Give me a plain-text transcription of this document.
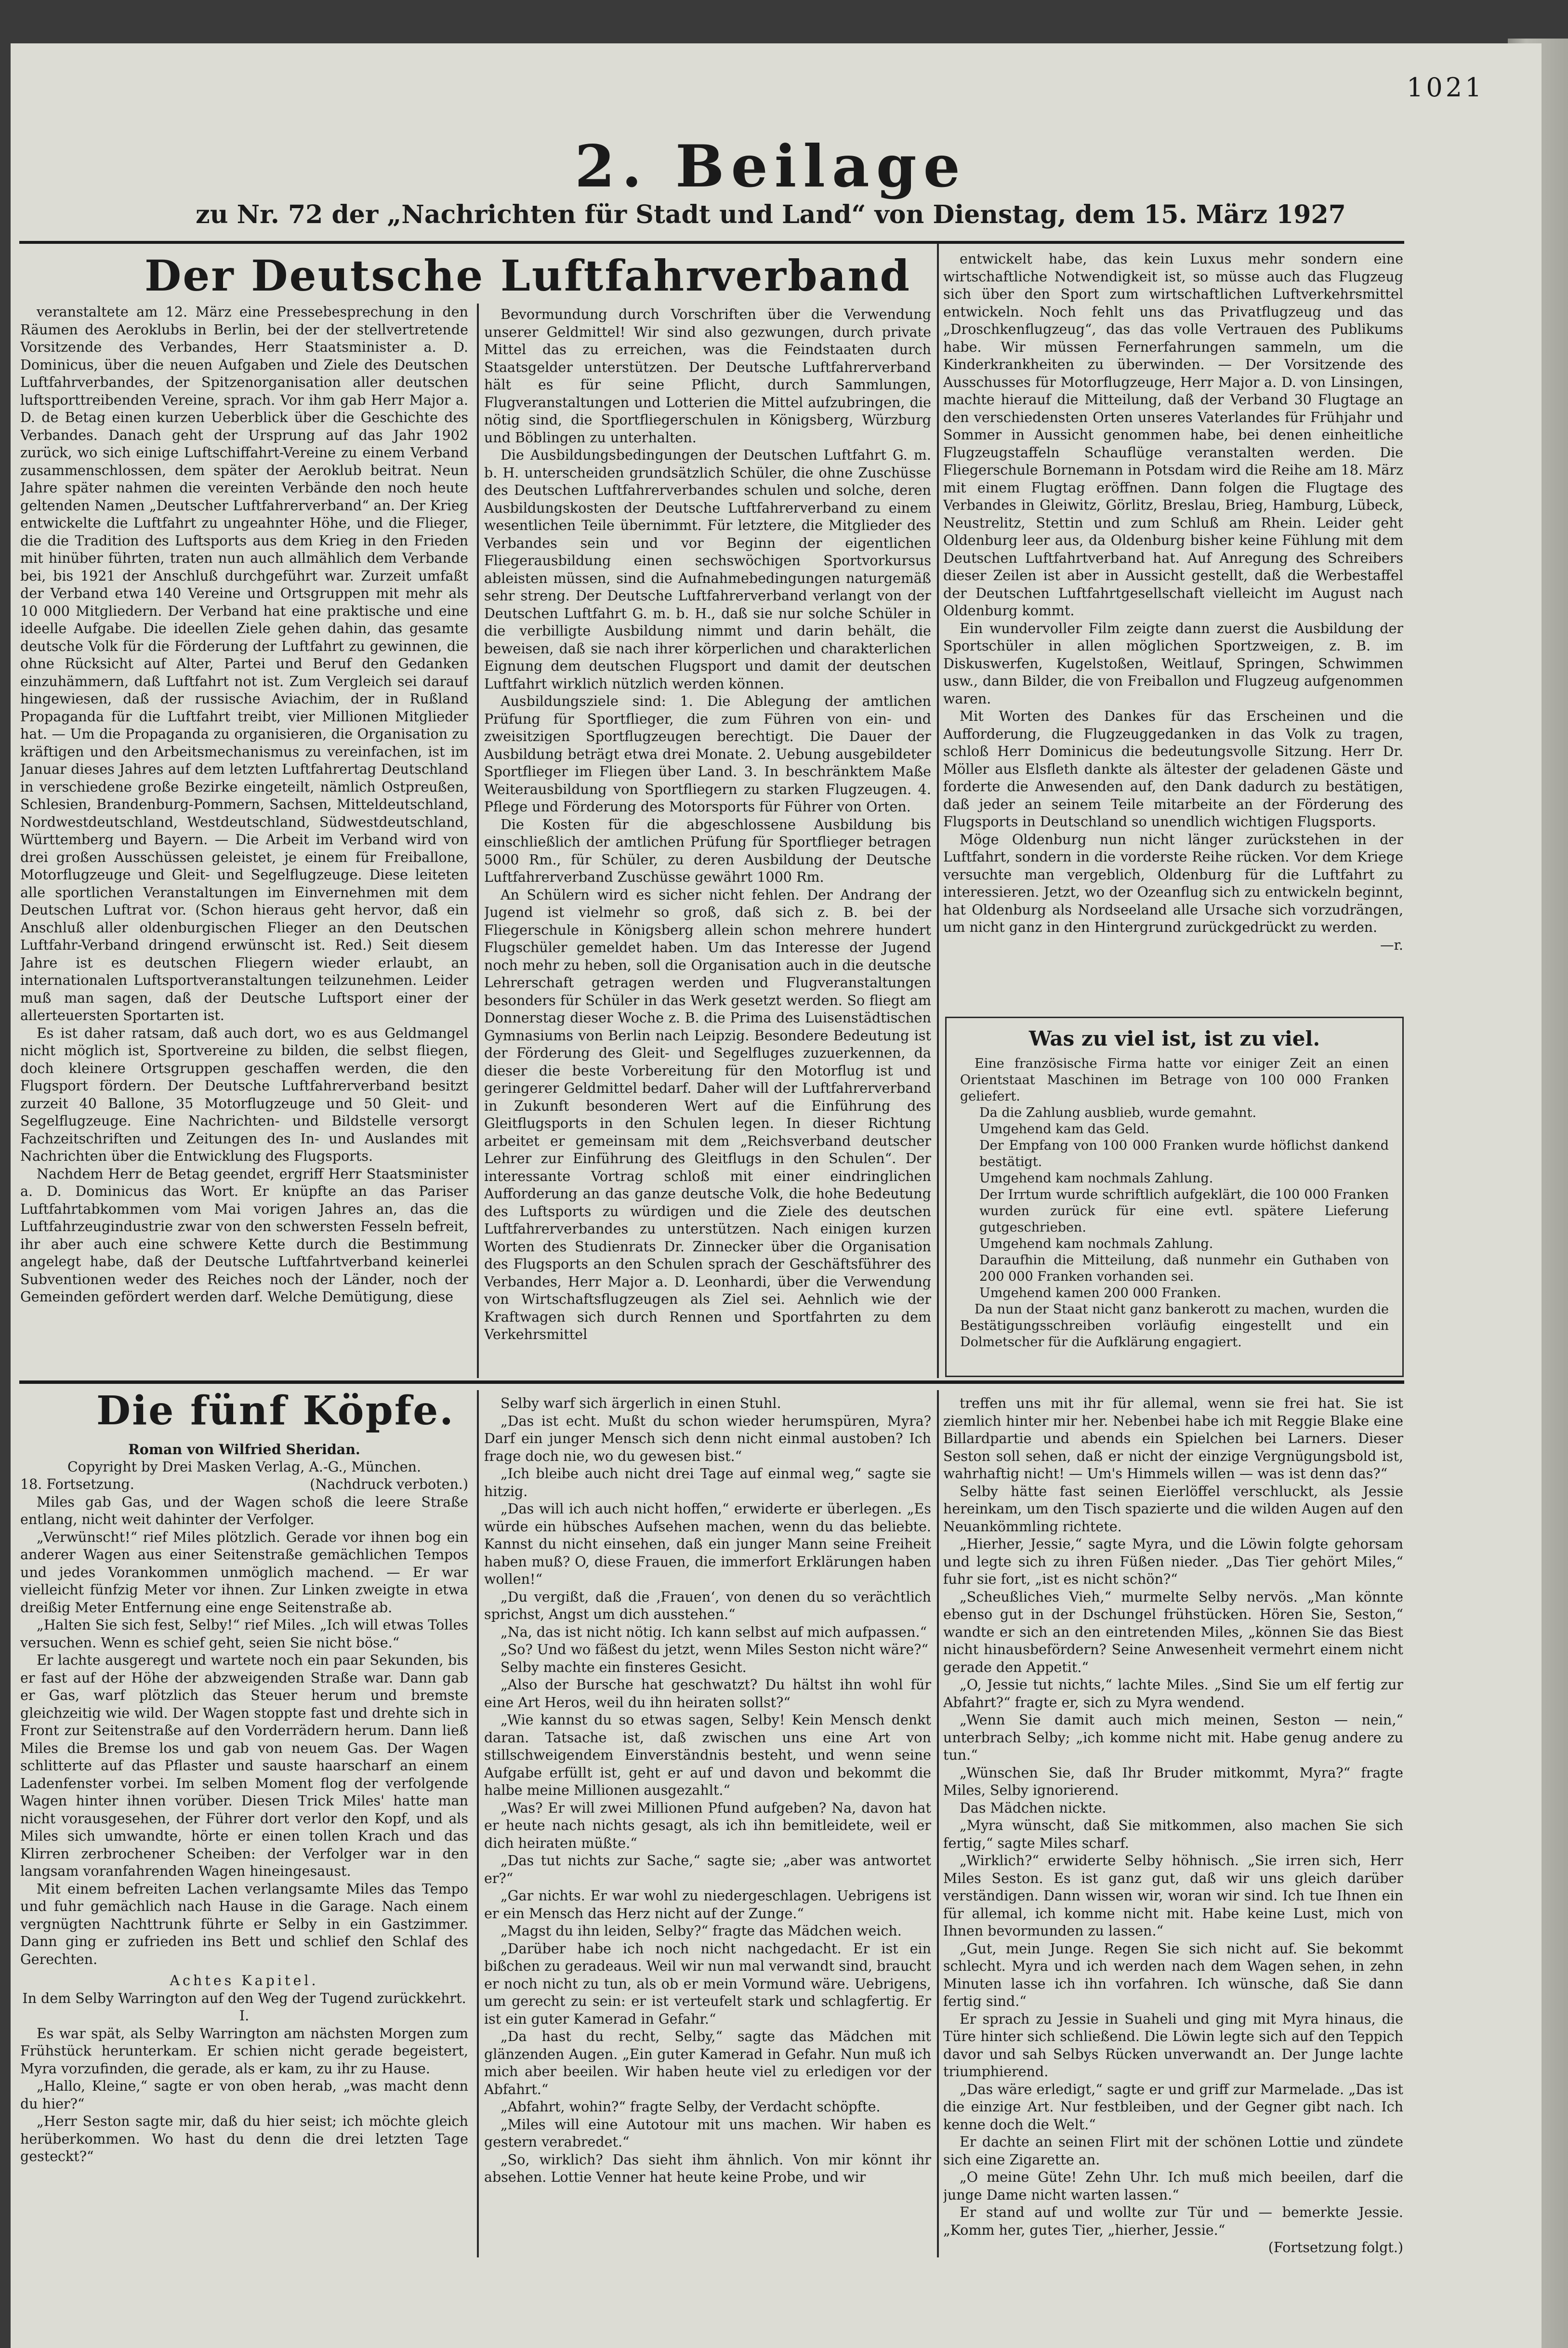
1021
2. Beilage
zu Nr. 72 der „Nachrichten für Stadt und Land“ von Dienstag, dem 15. März 1927
Der Deutsche Luftfahrverband

veranstaltete am 12. März eine Pressebesprechung in den Räumen des Aeroklubs in Berlin, bei der der stellvertretende Vorsitzende des Verbandes, Herr Staatsminister a. D. Dominicus, über die neuen Aufgaben und Ziele des Deutschen Luftfahrverbandes, der Spitzenorganisation aller deutschen luftsporttreibenden Vereine, sprach. Vor ihm gab Herr Major a. D. de Betag einen kurzen Ueberblick über die Geschichte des Verbandes. Danach geht der Ursprung auf das Jahr 1902 zurück, wo sich einige Luftschiffahrt-Vereine zu einem Verband zusammenschlossen, dem später der Aeroklub beitrat. Neun Jahre später nahmen die vereinten Verbände den noch heute geltenden Namen „Deutscher Luftfahrerverband“ an. Der Krieg entwickelte die Luftfahrt zu ungeahnter Höhe, und die Flieger, die die Tradition des Luftsports aus dem Krieg in den Frieden mit hinüber führten, traten nun auch allmählich dem Verbande bei, bis 1921 der Anschluß durchgeführt war. Zurzeit umfaßt der Verband etwa 140 Vereine und Ortsgruppen mit mehr als 10 000 Mitgliedern. Der Verband hat eine praktische und eine ideelle Aufgabe. Die ideellen Ziele gehen dahin, das gesamte deutsche Volk für die Förderung der Luftfahrt zu gewinnen, die ohne Rücksicht auf Alter, Partei und Beruf den Gedanken einzuhämmern, daß Luftfahrt not ist. Zum Vergleich sei darauf hingewiesen, daß der russische Aviachim, der in Rußland Propaganda für die Luftfahrt treibt, vier Millionen Mitglieder hat. — Um die Propaganda zu organisieren, die Organisation zu kräftigen und den Arbeitsmechanismus zu vereinfachen, ist im Januar dieses Jahres auf dem letzten Luftfahrertag Deutschland in verschiedene große Bezirke eingeteilt, nämlich Ostpreußen, Schlesien, Brandenburg-Pommern, Sachsen, Mitteldeutschland, Nordwestdeutschland, Westdeutschland, Südwestdeutschland, Württemberg und Bayern. — Die Arbeit im Verband wird von drei großen Ausschüssen geleistet, je einem für Freiballone, Motorflugzeuge und Gleit- und Segelflugzeuge. Diese leiteten alle sportlichen Veranstaltungen im Einvernehmen mit dem Deutschen Luftrat vor. (Schon hieraus geht hervor, daß ein Anschluß aller oldenburgischen Flieger an den Deutschen Luftfahr-Verband dringend erwünscht ist. Red.) Seit diesem Jahre ist es deutschen Fliegern wieder erlaubt, an internationalen Luftsportveranstaltungen teilzunehmen. Leider muß man sagen, daß der Deutsche Luftsport einer der allerteuersten Sportarten ist.

Es ist daher ratsam, daß auch dort, wo es aus Geldmangel nicht möglich ist, Sportvereine zu bilden, die selbst fliegen, doch kleinere Ortsgruppen geschaffen werden, die den Flugsport fördern. Der Deutsche Luftfahrerverband besitzt zurzeit 40 Ballone, 35 Motorflugzeuge und 50 Gleit- und Segelflugzeuge. Eine Nachrichten- und Bildstelle versorgt Fachzeitschriften und Zeitungen des In- und Auslandes mit Nachrichten über die Entwicklung des Flugsports.

Nachdem Herr de Betag geendet, ergriff Herr Staatsminister a. D. Dominicus das Wort. Er knüpfte an das Pariser Luftfahrtabkommen vom Mai vorigen Jahres an, das die Luftfahrzeugindustrie zwar von den schwersten Fesseln befreit, ihr aber auch eine schwere Kette durch die Bestimmung angelegt habe, daß der Deutsche Luftfahrtverband keinerlei Subventionen weder des Reiches noch der Länder, noch der Gemeinden gefördert werden darf. Welche Demütigung, diese

Bevormundung durch Vorschriften über die Verwendung unserer Geldmittel! Wir sind also gezwungen, durch private Mittel das zu erreichen, was die Feindstaaten durch Staatsgelder unterstützen. Der Deutsche Luftfahrerverband hält es für seine Pflicht, durch Sammlungen, Flugveranstaltungen und Lotterien die Mittel aufzubringen, die nötig sind, die Sportfliegerschulen in Königsberg, Würzburg und Böblingen zu unterhalten.

Die Ausbildungsbedingungen der Deutschen Luftfahrt G. m. b. H. unterscheiden grundsätzlich Schüler, die ohne Zuschüsse des Deutschen Luftfahrerverbandes schulen und solche, deren Ausbildungskosten der Deutsche Luftfahrerverband zu einem wesentlichen Teile übernimmt. Für letztere, die Mitglieder des Verbandes sein und vor Beginn der eigentlichen Fliegerausbildung einen sechswöchigen Sportvorkursus ableisten müssen, sind die Aufnahmebedingungen naturgemäß sehr streng. Der Deutsche Luftfahrerverband verlangt von der Deutschen Luftfahrt G. m. b. H., daß sie nur solche Schüler in die verbilligte Ausbildung nimmt und darin behält, die beweisen, daß sie nach ihrer körperlichen und charakterlichen Eignung dem deutschen Flugsport und damit der deutschen Luftfahrt wirklich nützlich werden können.

Ausbildungsziele sind: 1. Die Ablegung der amtlichen Prüfung für Sportflieger, die zum Führen von ein- und zweisitzigen Sportflugzeugen berechtigt. Die Dauer der Ausbildung beträgt etwa drei Monate. 2. Uebung ausgebildeter Sportflieger im Fliegen über Land. 3. In beschränktem Maße Weiterausbildung von Sportfliegern zu starken Flugzeugen. 4. Pflege und Förderung des Motorsports für Führer von Orten.

Die Kosten für die abgeschlossene Ausbildung bis einschließlich der amtlichen Prüfung für Sportflieger betragen 5000 Rm., für Schüler, zu deren Ausbildung der Deutsche Luftfahrerverband Zuschüsse gewährt 1000 Rm.

An Schülern wird es sicher nicht fehlen. Der Andrang der Jugend ist vielmehr so groß, daß sich z. B. bei der Fliegerschule in Königsberg allein schon mehrere hundert Flugschüler gemeldet haben. Um das Interesse der Jugend noch mehr zu heben, soll die Organisation auch in die deutsche Lehrerschaft getragen werden und Flugveranstaltungen besonders für Schüler in das Werk gesetzt werden. So fliegt am Donnerstag dieser Woche z. B. die Prima des Luisenstädtischen Gymnasiums von Berlin nach Leipzig. Besondere Bedeutung ist der Förderung des Gleit- und Segelfluges zuzuerkennen, da dieser die beste Vorbereitung für den Motorflug ist und geringerer Geldmittel bedarf. Daher will der Luftfahrerverband in Zukunft besonderen Wert auf die Einführung des Gleitflugsports in den Schulen legen. In dieser Richtung arbeitet er gemeinsam mit dem „Reichsverband deutscher Lehrer zur Einführung des Gleitflugs in den Schulen“. Der interessante Vortrag schloß mit einer eindringlichen Aufforderung an das ganze deutsche Volk, die hohe Bedeutung des Luftsports zu würdigen und die Ziele des deutschen Luftfahrerverbandes zu unterstützen. Nach einigen kurzen Worten des Studienrats Dr. Zinnecker über die Organisation des Flugsports an den Schulen sprach der Geschäftsführer des Verbandes, Herr Major a. D. Leonhardi, über die Verwendung von Wirtschaftsflugzeugen als Ziel sei. Aehnlich wie der Kraftwagen sich durch Rennen und Sportfahrten zu dem Verkehrsmittel

entwickelt habe, das kein Luxus mehr sondern eine wirtschaftliche Notwendigkeit ist, so müsse auch das Flugzeug sich über den Sport zum wirtschaftlichen Luftverkehrsmittel entwickeln. Noch fehlt uns das Privatflugzeug und das „Droschkenflugzeug“, das das volle Vertrauen des Publikums habe. Wir müssen Fernerfahrungen sammeln, um die Kinderkrankheiten zu überwinden. — Der Vorsitzende des Ausschusses für Motorflugzeuge, Herr Major a. D. von Linsingen, machte hierauf die Mitteilung, daß der Verband 30 Flugtage an den verschiedensten Orten unseres Vaterlandes für Frühjahr und Sommer in Aussicht genommen habe, bei denen einheitliche Flugzeugstaffeln Schauflüge veranstalten werden. Die Fliegerschule Bornemann in Potsdam wird die Reihe am 18. März mit einem Flugtag eröffnen. Dann folgen die Flugtage des Verbandes in Gleiwitz, Görlitz, Breslau, Brieg, Hamburg, Lübeck, Neustrelitz, Stettin und zum Schluß am Rhein. Leider geht Oldenburg leer aus, da Oldenburg bisher keine Fühlung mit dem Deutschen Luftfahrtverband hat. Auf Anregung des Schreibers dieser Zeilen ist aber in Aussicht gestellt, daß die Werbestaffel der Deutschen Luftfahrtgesellschaft vielleicht im August nach Oldenburg kommt.

Ein wundervoller Film zeigte dann zuerst die Ausbildung der Sportschüler in allen möglichen Sportzweigen, z. B. im Diskuswerfen, Kugelstoßen, Weitlauf, Springen, Schwimmen usw., dann Bilder, die von Freiballon und Flugzeug aufgenommen waren.

Mit Worten des Dankes für das Erscheinen und die Aufforderung, die Flugzeuggedanken in das Volk zu tragen, schloß Herr Dominicus die bedeutungsvolle Sitzung. Herr Dr. Möller aus Elsfleth dankte als ältester der geladenen Gäste und forderte die Anwesenden auf, den Dank dadurch zu bestätigen, daß jeder an seinem Teile mitarbeite an der Förderung des Flugsports in Deutschland so unendlich wichtigen Flugsports.

Möge Oldenburg nun nicht länger zurückstehen in der Luftfahrt, sondern in die vorderste Reihe rücken. Vor dem Kriege versuchte man vergeblich, Oldenburg für die Luftfahrt zu interessieren. Jetzt, wo der Ozeanflug sich zu entwickeln beginnt, hat Oldenburg als Nordseeland alle Ursache sich vorzudrängen, um nicht ganz in den Hintergrund zurückgedrückt zu werden.

—r.

Was zu viel ist, ist zu viel.

Eine französische Firma hatte vor einiger Zeit an einen Orientstaat Maschinen im Betrage von 100 000 Franken geliefert.

Da die Zahlung ausblieb, wurde gemahnt.

Umgehend kam das Geld.

Der Empfang von 100 000 Franken wurde höflichst dankend bestätigt.

Umgehend kam nochmals Zahlung.

Der Irrtum wurde schriftlich aufgeklärt, die 100 000 Franken wurden zurück für eine evtl. spätere Lieferung gutgeschrieben.

Umgehend kam nochmals Zahlung.

Daraufhin die Mitteilung, daß nunmehr ein Guthaben von 200 000 Franken vorhanden sei.

Umgehend kamen 200 000 Franken.

Da nun der Staat nicht ganz bankerott zu machen, wurden die Bestätigungsschreiben vorläufig eingestellt und ein Dolmetscher für die Aufklärung engagiert.

Die fünf Köpfe.

Roman von Wilfried Sheridan.

Copyright by Drei Masken Verlag, A.-G., München.

18. Fortsetzung.	(Nachdruck verboten.)

Miles gab Gas, und der Wagen schoß die leere Straße entlang, nicht weit dahinter der Verfolger.

„Verwünscht!“ rief Miles plötzlich. Gerade vor ihnen bog ein anderer Wagen aus einer Seitenstraße gemächlichen Tempos und jedes Vorankommen unmöglich machend. — Er war vielleicht fünfzig Meter vor ihnen. Zur Linken zweigte in etwa dreißig Meter Entfernung eine enge Seitenstraße ab.

„Halten Sie sich fest, Selby!“ rief Miles. „Ich will etwas Tolles versuchen. Wenn es schief geht, seien Sie nicht böse.“

Er lachte ausgeregt und wartete noch ein paar Sekunden, bis er fast auf der Höhe der abzweigenden Straße war. Dann gab er Gas, warf plötzlich das Steuer herum und bremste gleichzeitig wie wild. Der Wagen stoppte fast und drehte sich in Front zur Seitenstraße auf den Vorderrädern herum. Dann ließ Miles die Bremse los und gab von neuem Gas. Der Wagen schlitterte auf das Pflaster und sauste haarscharf an einem Ladenfenster vorbei. Im selben Moment flog der verfolgende Wagen hinter ihnen vorüber. Diesen Trick Miles' hatte man nicht vorausgesehen, der Führer dort verlor den Kopf, und als Miles sich umwandte, hörte er einen tollen Krach und das Klirren zerbrochener Scheiben: der Verfolger war in den langsam voranfahrenden Wagen hineingesaust.

Mit einem befreiten Lachen verlangsamte Miles das Tempo und fuhr gemächlich nach Hause in die Garage. Nach einem vergnügten Nachttrunk führte er Selby in ein Gastzimmer. Dann ging er zufrieden ins Bett und schlief den Schlaf des Gerechten.

Achtes Kapitel.

In dem Selby Warrington auf den Weg der Tugend zurückkehrt.

I.

Es war spät, als Selby Warrington am nächsten Morgen zum Frühstück herunterkam. Er schien nicht gerade begeistert, Myra vorzufinden, die gerade, als er kam, zu ihr zu Hause.

„Hallo, Kleine,“ sagte er von oben herab, „was macht denn du hier?“

„Herr Seston sagte mir, daß du hier seist; ich möchte gleich herüberkommen. Wo hast du denn die drei letzten Tage gesteckt?“

Selby warf sich ärgerlich in einen Stuhl.

„Das ist echt. Mußt du schon wieder herumspüren, Myra? Darf ein junger Mensch sich denn nicht einmal austoben? Ich frage doch nie, wo du gewesen bist.“

„Ich bleibe auch nicht drei Tage auf einmal weg,“ sagte sie hitzig.

„Das will ich auch nicht hoffen,“ erwiderte er überlegen. „Es würde ein hübsches Aufsehen machen, wenn du das beliebte. Kannst du nicht einsehen, daß ein junger Mann seine Freiheit haben muß? O, diese Frauen, die immerfort Erklärungen haben wollen!“

„Du vergißt, daß die ‚Frauen‘, von denen du so verächtlich sprichst, Angst um dich ausstehen.“

„Na, das ist nicht nötig. Ich kann selbst auf mich aufpassen.“

„So? Und wo fäßest du jetzt, wenn Miles Seston nicht wäre?“

Selby machte ein finsteres Gesicht.

„Also der Bursche hat geschwatzt? Du hältst ihn wohl für eine Art Heros, weil du ihn heiraten sollst?“

„Wie kannst du so etwas sagen, Selby! Kein Mensch denkt daran. Tatsache ist, daß zwischen uns eine Art von stillschweigendem Einverständnis besteht, und wenn seine Aufgabe erfüllt ist, geht er auf und davon und bekommt die halbe meine Millionen ausgezahlt.“

„Was? Er will zwei Millionen Pfund aufgeben? Na, davon hat er heute nach nichts gesagt, als ich ihn bemitleidete, weil er dich heiraten müßte.“

„Das tut nichts zur Sache,“ sagte sie; „aber was antwortet er?“

„Gar nichts. Er war wohl zu niedergeschlagen. Uebrigens ist er ein Mensch das Herz nicht auf der Zunge.“

„Magst du ihn leiden, Selby?“ fragte das Mädchen weich.

„Darüber habe ich noch nicht nachgedacht. Er ist ein bißchen zu geradeaus. Weil wir nun mal verwandt sind, braucht er noch nicht zu tun, als ob er mein Vormund wäre. Uebrigens, um gerecht zu sein: er ist verteufelt stark und schlagfertig. Er ist ein guter Kamerad in Gefahr.“

„Da hast du recht, Selby,“ sagte das Mädchen mit glänzenden Augen. „Ein guter Kamerad in Gefahr. Nun muß ich mich aber beeilen. Wir haben heute viel zu erledigen vor der Abfahrt.“

„Abfahrt, wohin?“ fragte Selby, der Verdacht schöpfte.

„Miles will eine Autotour mit uns machen. Wir haben es gestern verabredet.“

„So, wirklich? Das sieht ihm ähnlich. Von mir könnt ihr absehen. Lottie Venner hat heute keine Probe, und wir

treffen uns mit ihr für allemal, wenn sie frei hat. Sie ist ziemlich hinter mir her. Nebenbei habe ich mit Reggie Blake eine Billardpartie und abends ein Spielchen bei Larners. Dieser Seston soll sehen, daß er nicht der einzige Vergnügungsbold ist, wahrhaftig nicht! — Um's Himmels willen — was ist denn das?“

Selby hätte fast seinen Eierlöffel verschluckt, als Jessie hereinkam, um den Tisch spazierte und die wilden Augen auf den Neuankömmling richtete.

„Hierher, Jessie,“ sagte Myra, und die Löwin folgte gehorsam und legte sich zu ihren Füßen nieder. „Das Tier gehört Miles,“ fuhr sie fort, „ist es nicht schön?“

„Scheußliches Vieh,“ murmelte Selby nervös. „Man könnte ebenso gut in der Dschungel frühstücken. Hören Sie, Seston,“ wandte er sich an den eintretenden Miles, „können Sie das Biest nicht hinausbefördern? Seine Anwesenheit vermehrt einem nicht gerade den Appetit.“

„O, Jessie tut nichts,“ lachte Miles. „Sind Sie um elf fertig zur Abfahrt?“ fragte er, sich zu Myra wendend.

„Wenn Sie damit auch mich meinen, Seston — nein,“ unterbrach Selby; „ich komme nicht mit. Habe genug andere zu tun.“

„Wünschen Sie, daß Ihr Bruder mitkommt, Myra?“ fragte Miles, Selby ignorierend.

Das Mädchen nickte.

„Myra wünscht, daß Sie mitkommen, also machen Sie sich fertig,“ sagte Miles scharf.

„Wirklich?“ erwiderte Selby höhnisch. „Sie irren sich, Herr Miles Seston. Es ist ganz gut, daß wir uns gleich darüber verständigen. Dann wissen wir, woran wir sind. Ich tue Ihnen ein für allemal, ich komme nicht mit. Habe keine Lust, mich von Ihnen bevormunden zu lassen.“

„Gut, mein Junge. Regen Sie sich nicht auf. Sie bekommt schlecht. Myra und ich werden nach dem Wagen sehen, in zehn Minuten lasse ich ihn vorfahren. Ich wünsche, daß Sie dann fertig sind.“

Er sprach zu Jessie in Suaheli und ging mit Myra hinaus, die Türe hinter sich schließend. Die Löwin legte sich auf den Teppich davor und sah Selbys Rücken unverwandt an. Der Junge lachte triumphierend.

„Das wäre erledigt,“ sagte er und griff zur Marmelade. „Das ist die einzige Art. Nur festbleiben, und der Gegner gibt nach. Ich kenne doch die Welt.“

Er dachte an seinen Flirt mit der schönen Lottie und zündete sich eine Zigarette an.

„O meine Güte! Zehn Uhr. Ich muß mich beeilen, darf die junge Dame nicht warten lassen.“

Er stand auf und wollte zur Tür und — bemerkte Jessie. „Komm her, gutes Tier, „hierher, Jessie.“

(Fortsetzung folgt.)
